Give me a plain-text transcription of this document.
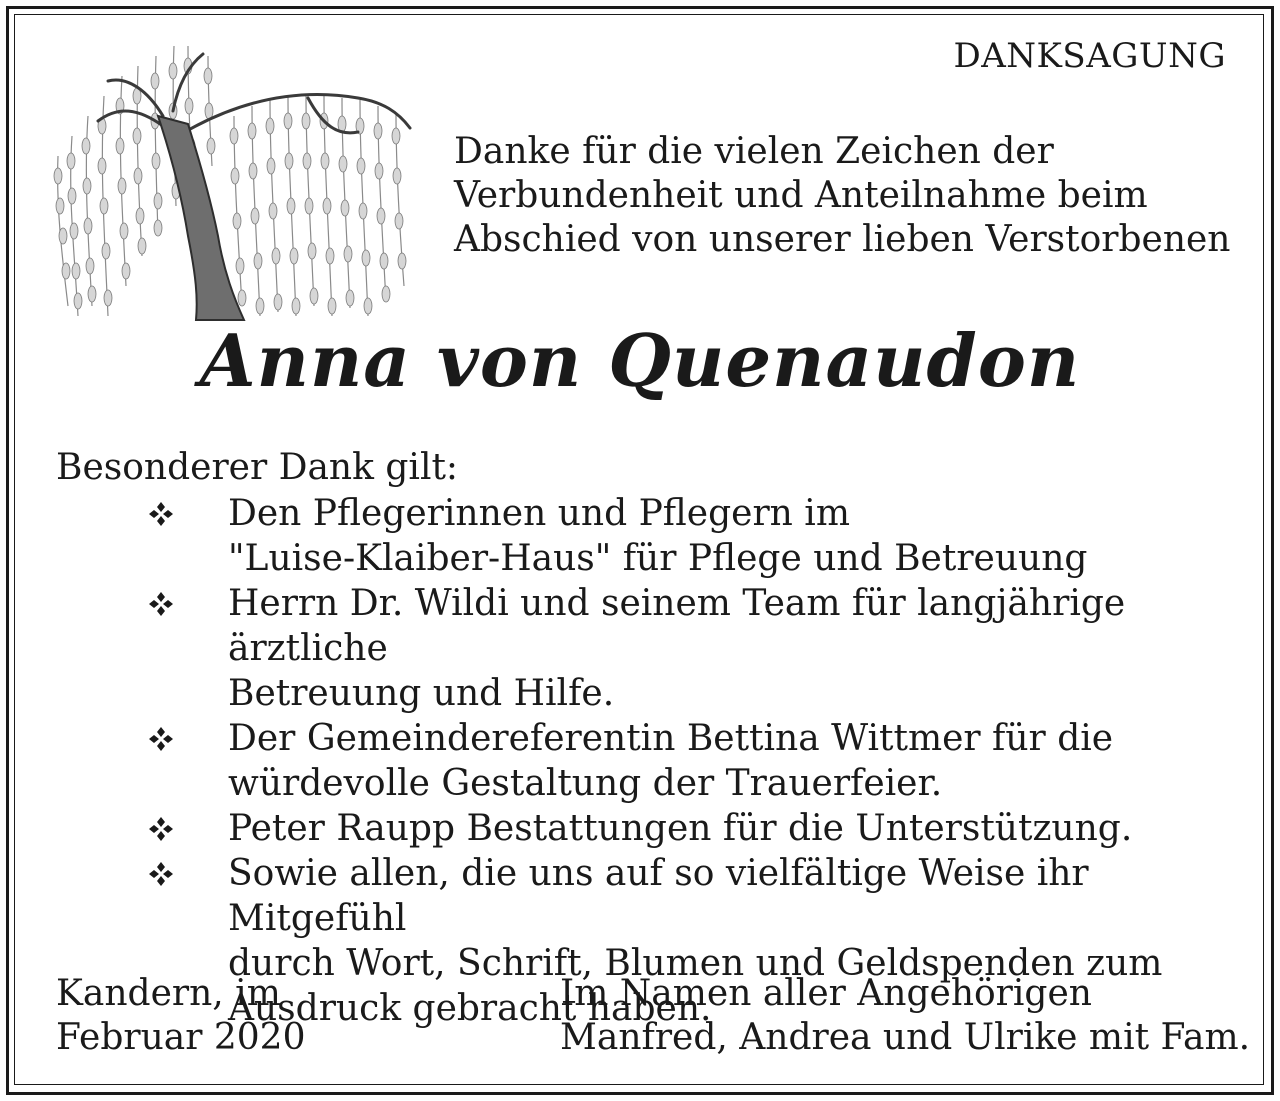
DANKSAGUNG
Danke für die vielen Zeichen der
Verbundenheit und Anteilnahme beim
Abschied von unserer lieben Verstorbenen
Anna von Quenaudon
Besonderer Dank gilt:
Den Pflegerinnen und Pflegern im
"Luise-Klaiber-Haus" für Pflege und Betreuung
Herrn Dr. Wildi und seinem Team für langjährige ärztliche
Betreuung und Hilfe.
Der Gemeindereferentin Bettina Wittmer für die
würdevolle Gestaltung der Trauerfeier.
Peter Raupp Bestattungen für die Unterstützung.
Sowie allen, die uns auf so vielfältige Weise ihr Mitgefühl
durch Wort, Schrift, Blumen und Geldspenden zum
Ausdruck gebracht haben.
Kandern, im
Februar 2020
Im Namen aller Angehörigen
Manfred, Andrea und Ulrike mit Fam.
